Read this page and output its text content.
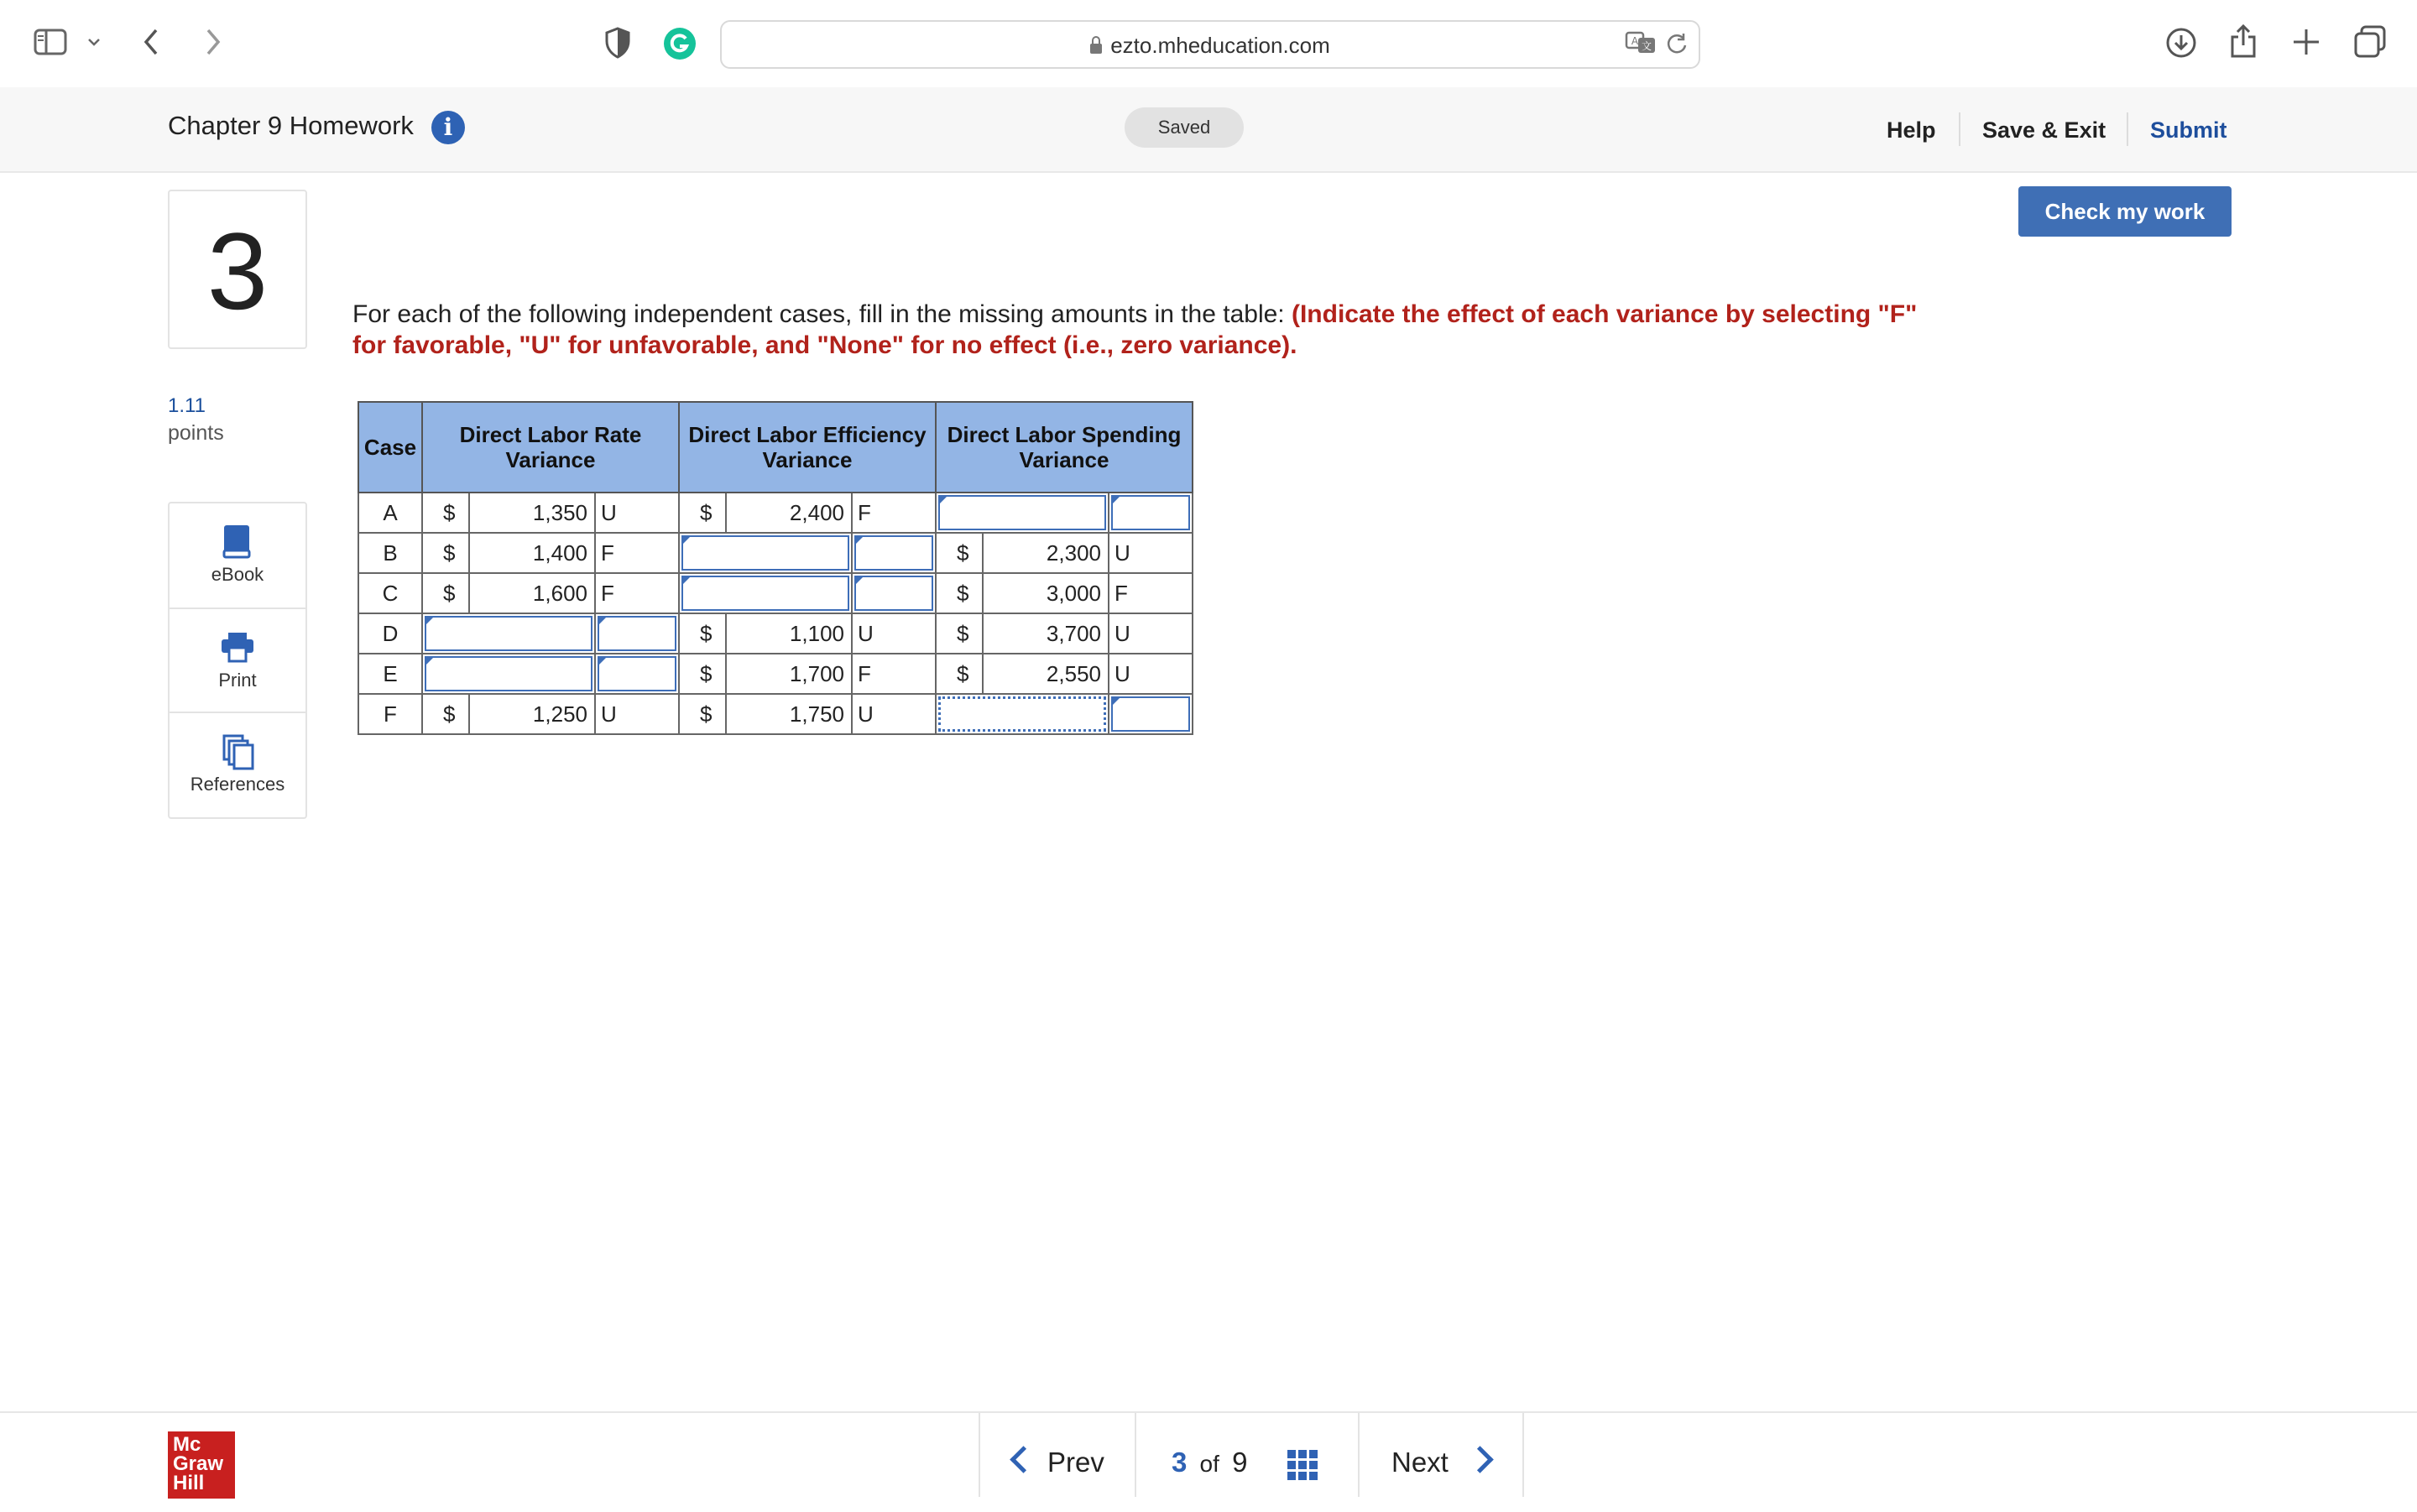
ezto.mheducation.com	文
A
Chapter 9 Homework	i	Saved	Help Save & Exit Submit
3
1.11
points
eBook
Print
References
Check my work
For each of the following independent cases, fill in the missing amounts in the table: (Indicate the effect of each variance by selecting "F" for favorable, "U" for unfavorable, and "None" for no effect (i.e., zero variance).
Case	Direct Labor Rate Variance			Direct Labor Efficiency Variance			Direct Labor Spending Variance		
A	$	1,350	U	$	2,400	F		

B	$	1,400	F				$	2,300	U
C	$	1,600	F				$	3,000	F
D				$	1,100	U	$	3,700	U
E				$	1,700	F	$	2,550	U
F	$	1,250	U	$	1,750	U		

Mc
Graw
Hill
Prev 3 of 9	Next
